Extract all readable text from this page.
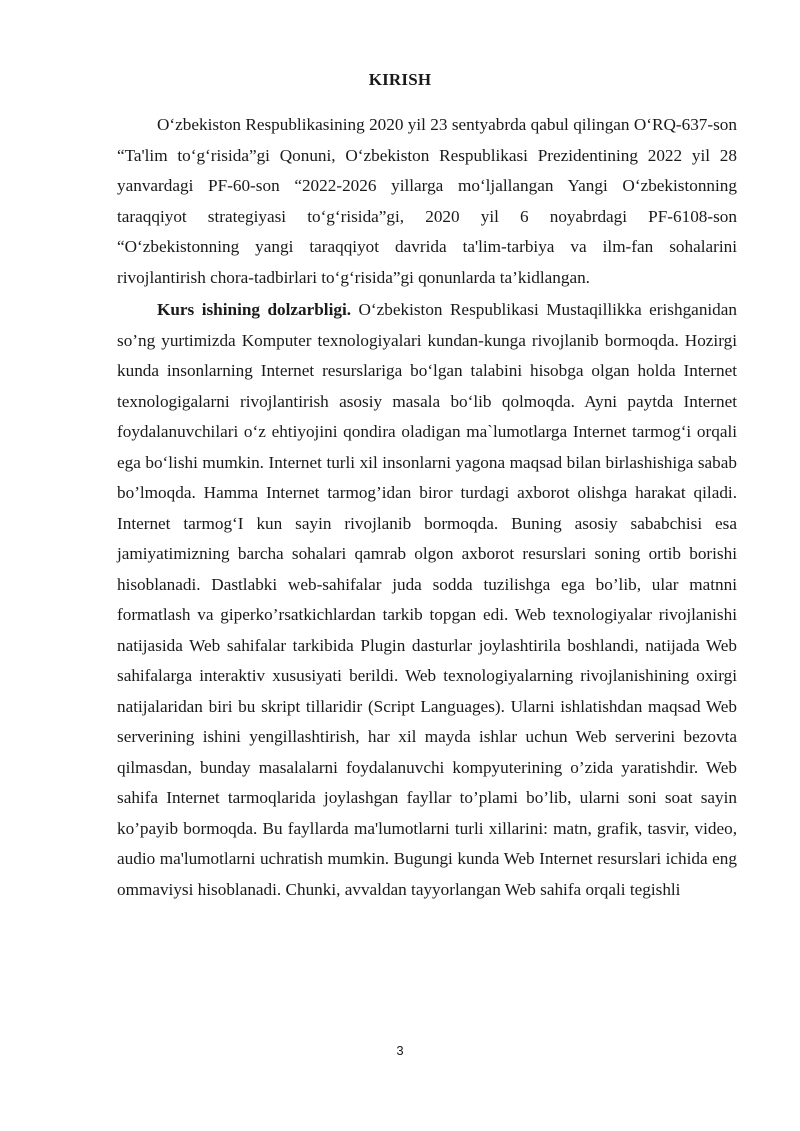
KIRISH

O‘zbekiston Respublikasining 2020 yil 23 sentyabrda qabul qilingan O‘RQ-637-son “Ta'lim to‘g‘risida”gi Qonuni, O‘zbekiston Respublikasi Prezidentining 2022 yil 28 yanvardagi PF-60-son “2022-2026 yillarga mo‘ljallangan Yangi O‘zbekistonning taraqqiyot strategiyasi to‘g‘risida”gi, 2020 yil 6 noyabrdagi PF-6108-son “O‘zbekistonning yangi taraqqiyot davrida ta'lim-tarbiya va ilm-fan sohalarini rivojlantirish chora-tadbirlari to‘g‘risida”gi qonunlarda ta’kidlangan.

Kurs ishining dolzarbligi. O‘zbekiston Respublikasi Mustaqillikka erishganidan so’ng yurtimizda Komputer texnologiyalari kundan-kunga rivojlanib bormoqda. Hozirgi kunda insonlarning Internet resurslariga bo‘lgan talabini hisobga olgan holda Internet texnologigalarni rivojlantirish asosiy masala bo‘lib qolmoqda. Ayni paytda Internet foydalanuvchilari o‘z ehtiyojini qondira oladigan ma`lumotlarga Internet tarmog‘i orqali ega bo‘lishi mumkin. Internet turli xil insonlarni yagona maqsad bilan birlashishiga sabab bo’lmoqda. Hamma Internet tarmog’idan biror turdagi axborot olishga harakat qiladi. Internet tarmog‘I kun sayin rivojlanib bormoqda. Buning asosiy sababchisi esa jamiyatimizning barcha sohalari qamrab olgon axborot resurslari soning ortib borishi hisoblanadi. Dastlabki web-sahifalar juda sodda tuzilishga ega bo’lib, ular matnni formatlash va giperko’rsatkichlardan tarkib topgan edi. Web texnologiyalar rivojlanishi natijasida Web sahifalar tarkibida Plugin dasturlar joylashtirila boshlandi, natijada Web sahifalarga interaktiv xususiyati berildi. Web texnologiyalarning rivojlanishining oxirgi natijalaridan biri bu skript tillaridir (Script Languages). Ularni ishlatishdan maqsad Web serverining ishini yengillashtirish, har xil mayda ishlar uchun Web serverini bezovta qilmasdan, bunday masalalarni foydalanuvchi kompyuterining o’zida yaratishdir. Web sahifa Internet tarmoqlarida joylashgan fayllar to’plami bo’lib, ularni soni soat sayin ko’payib bormoqda. Bu fayllarda ma'lumotlarni turli xillarini: matn, grafik, tasvir, video, audio ma'lumotlarni uchratish mumkin. Bugungi kunda Web Internet resurslari ichida eng ommaviysi hisoblanadi. Chunki, avvaldan tayyorlangan Web sahifa orqali tegishli

3
